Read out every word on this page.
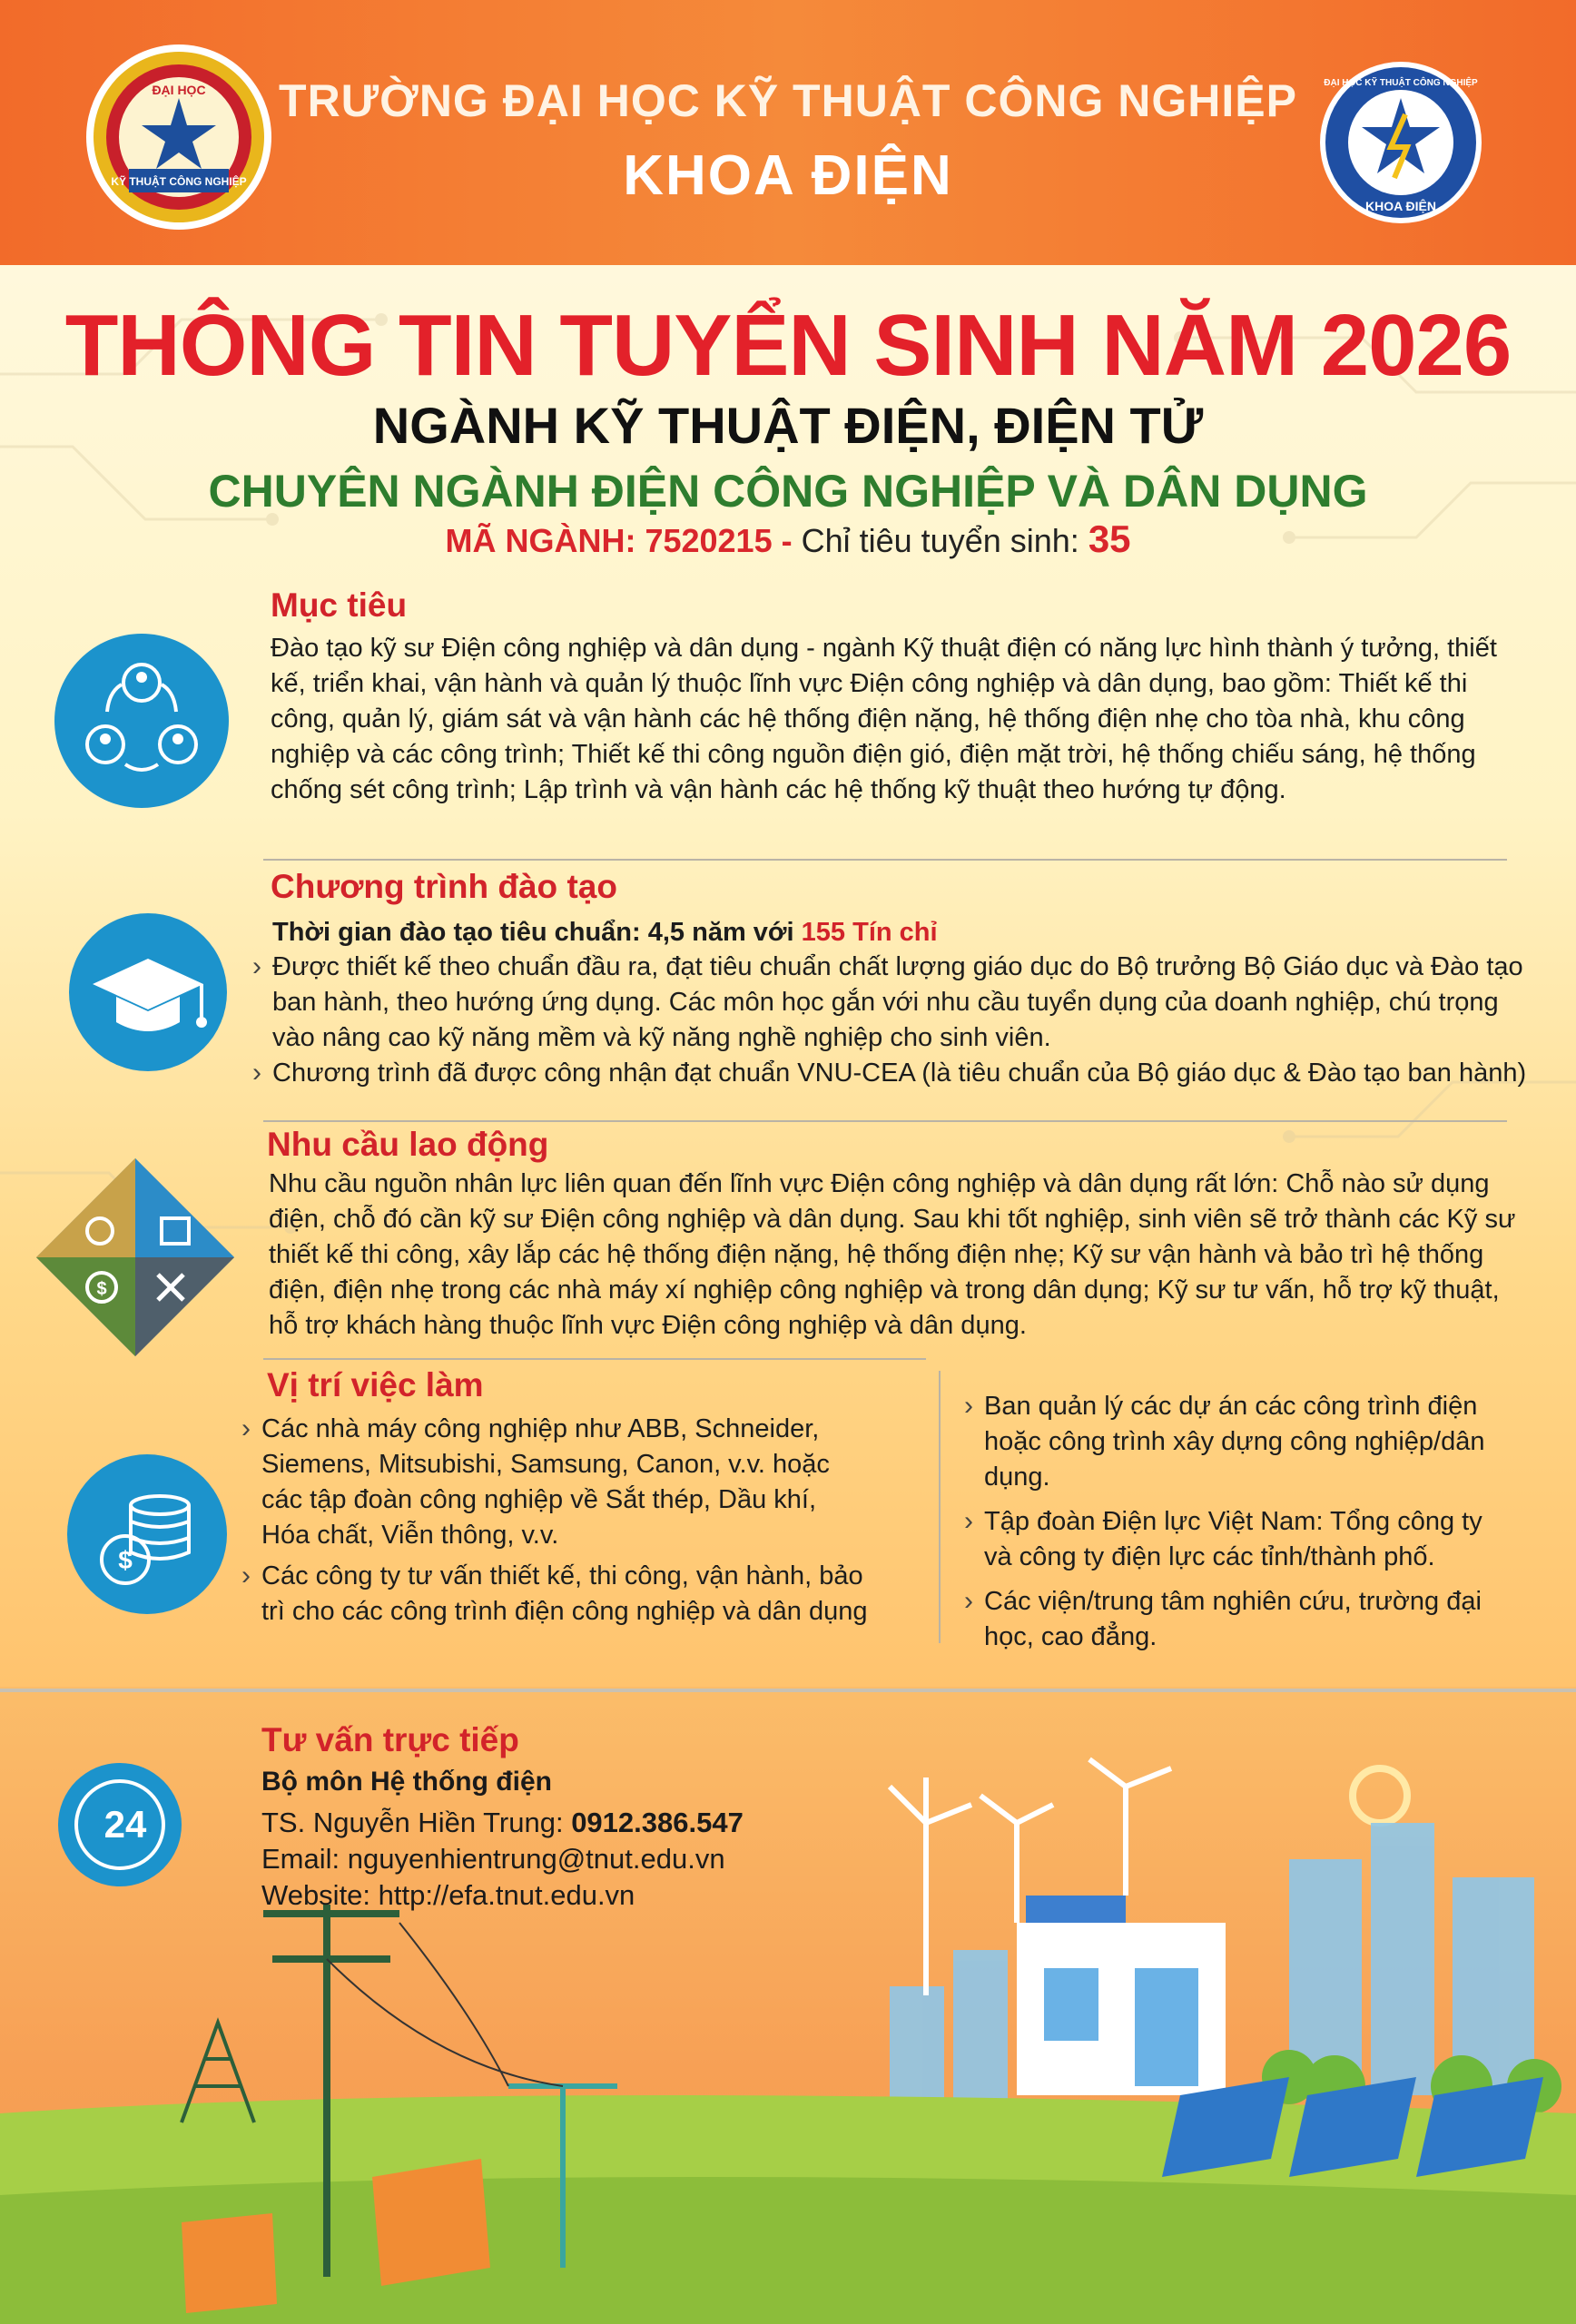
ĐẠI HỌC
KỸ THUẬT CÔNG NGHIỆP
TRƯỜNG ĐẠI HỌC KỸ THUẬT CÔNG NGHIỆP
KHOA ĐIỆN
ĐẠI HỌC KỸ THUẬT CÔNG NGHIỆP
KHOA ĐIỆN
THÔNG TIN TUYỂN SINH NĂM 2026
NGÀNH KỸ THUẬT ĐIỆN, ĐIỆN TỬ
CHUYÊN NGÀNH ĐIỆN CÔNG NGHIỆP VÀ DÂN DỤNG
MÃ NGÀNH: 7520215 - Chỉ tiêu tuyển sinh: 35
Mục tiêu
Đào tạo kỹ sư Điện công nghiệp và dân dụng - ngành Kỹ thuật điện có năng lực hình thành ý tưởng, thiết
kế, triển khai, vận hành và quản lý thuộc lĩnh vực Điện công nghiệp và dân dụng, bao gồm: Thiết kế thi
công, quản lý, giám sát và vận hành các hệ thống điện nặng, hệ thống điện nhẹ cho tòa nhà, khu công
nghiệp và các công trình; Thiết kế thi công nguồn điện gió, điện mặt trời, hệ thống chiếu sáng, hệ thống
chống sét công trình; Lập trình và vận hành các hệ thống kỹ thuật theo hướng tự động.
Chương trình đào tạo
Thời gian đào tạo tiêu chuẩn: 4,5 năm với 155 Tín chỉ
› Được thiết kế theo chuẩn đầu ra, đạt tiêu chuẩn chất lượng giáo dục do Bộ trưởng Bộ Giáo dục và Đào tạo
ban hành, theo hướng ứng dụng. Các môn học gắn với nhu cầu tuyển dụng của doanh nghiệp, chú trọng
vào nâng cao kỹ năng mềm và kỹ năng nghề nghiệp cho sinh viên.
› Chương trình đã được công nhận đạt chuẩn VNU-CEA (là tiêu chuẩn của Bộ giáo dục & Đào tạo ban hành)
$
Nhu cầu lao động
Nhu cầu nguồn nhân lực liên quan đến lĩnh vực Điện công nghiệp và dân dụng rất lớn: Chỗ nào sử dụng
điện, chỗ đó cần kỹ sư Điện công nghiệp và dân dụng. Sau khi tốt nghiệp, sinh viên sẽ trở thành các Kỹ sư
thiết kế thi công, xây lắp các hệ thống điện nặng, hệ thống điện nhẹ; Kỹ sư vận hành và bảo trì hệ thống
điện, điện nhẹ trong các nhà máy xí nghiệp công nghiệp và trong dân dụng; Kỹ sư tư vấn, hỗ trợ kỹ thuật,
hỗ trợ khách hàng thuộc lĩnh vực Điện công nghiệp và dân dụng.
$
Vị trí việc làm
› Các nhà máy công nghiệp như ABB, Schneider,
Siemens, Mitsubishi, Samsung, Canon, v.v. hoặc
các tập đoàn công nghiệp về Sắt thép, Dầu khí,
Hóa chất, Viễn thông, v.v.
› Các công ty tư vấn thiết kế, thi công, vận hành, bảo
trì cho các công trình điện công nghiệp và dân dụng
› Ban quản lý các dự án các công trình điện
hoặc công trình xây dựng công nghiệp/dân
dụng.
› Tập đoàn Điện lực Việt Nam: Tổng công ty
và công ty điện lực các tỉnh/thành phố.
› Các viện/trung tâm nghiên cứu, trường đại
học, cao đẳng.
24
Tư vấn trực tiếp
Bộ môn Hệ thống điện
TS. Nguyễn Hiền Trung: 0912.386.547
Email: nguyenhientrung@tnut.edu.vn
Website: http://efa.tnut.edu.vn
